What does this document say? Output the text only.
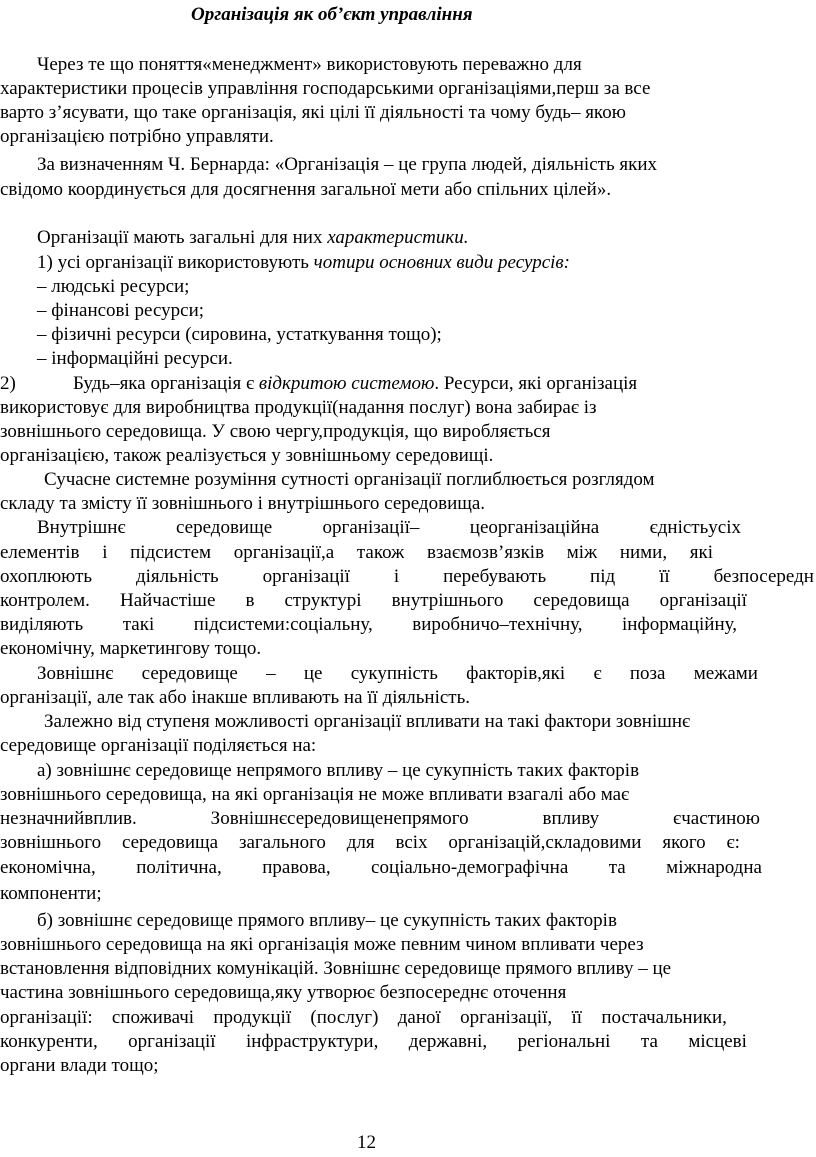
Організація як об’єкт управління
Через те що поняття«менеджмент» використовують переважно для
характеристики процесів управління господарськими організаціями,перш за все
варто з’ясувати, що таке організація, які цілі її діяльності та чому будь– якою
організацією потрібно управляти.
За визначенням Ч. Бернарда: «Організація – це група людей, діяльність яких
свідомо координується для досягнення загальної мети або спільних цілей».
Організації мають загальні для них характеристики.
1) усі організації використовують чотири основних види ресурсів:
– людські ресурси;
– фінансові ресурси;
– фізичні ресурси (сировина, устаткування тощо);
– інформаційні ресурси.
2)	Будь–яка організація є відкритою системою. Ресурси, які організація
використовує для виробництва продукції(надання послуг) вона забирає із
зовнішнього середовища. У свою чергу,продукція, що виробляється
організацією, також реалізується у зовнішньому середовищі.
Сучасне системне розуміння сутності організації поглиблюється розглядом
складу та змісту її зовнішнього і внутрішнього середовища.
Внутрішнє	середовище	організації–	цеорганізаційна	єдністьусіх
елементів і підсистем організації,а також взаємозв’язків між ними, які
охоплюють діяльність організації і перебувають під її безпосередн
контролем. Найчастіше в структурі внутрішнього середовища організації
виділяють такі підсистеми:соціальну, виробничо–технічну, інформаційну,
економічну, маркетингову тощо.
Зовнішнє середовище – це сукупність факторів,які є поза межами
організації, але так або інакше впливають на її діяльність.
Залежно від ступеня можливості організації впливати на такі фактори зовнішнє
середовище організації поділяється на:
а) зовнішнє середовище непрямого впливу – це сукупність таких факторів
зовнішнього середовища, на які організація не може впливати взагалі або має
незначнийвплив.	Зовнішнєсередовищенепрямого	впливу	єчастиною
зовнішнього середовища загального для всіх організацій,складовими якого є:
економічна, політична, правова, соціально-демографічна та міжнародна
компоненти;
б) зовнішнє середовище прямого впливу– це сукупність таких факторів
зовнішнього середовища на які організація може певним чином впливати через
встановлення відповідних комунікацій. Зовнішнє середовище прямого впливу – це
частина зовнішнього середовища,яку утворює безпосереднє оточення
організації: споживачі продукції (послуг) даної організації, її постачальники,
конкуренти, організації інфраструктури, державні, регіональні та місцеві
органи влади тощо;
12
